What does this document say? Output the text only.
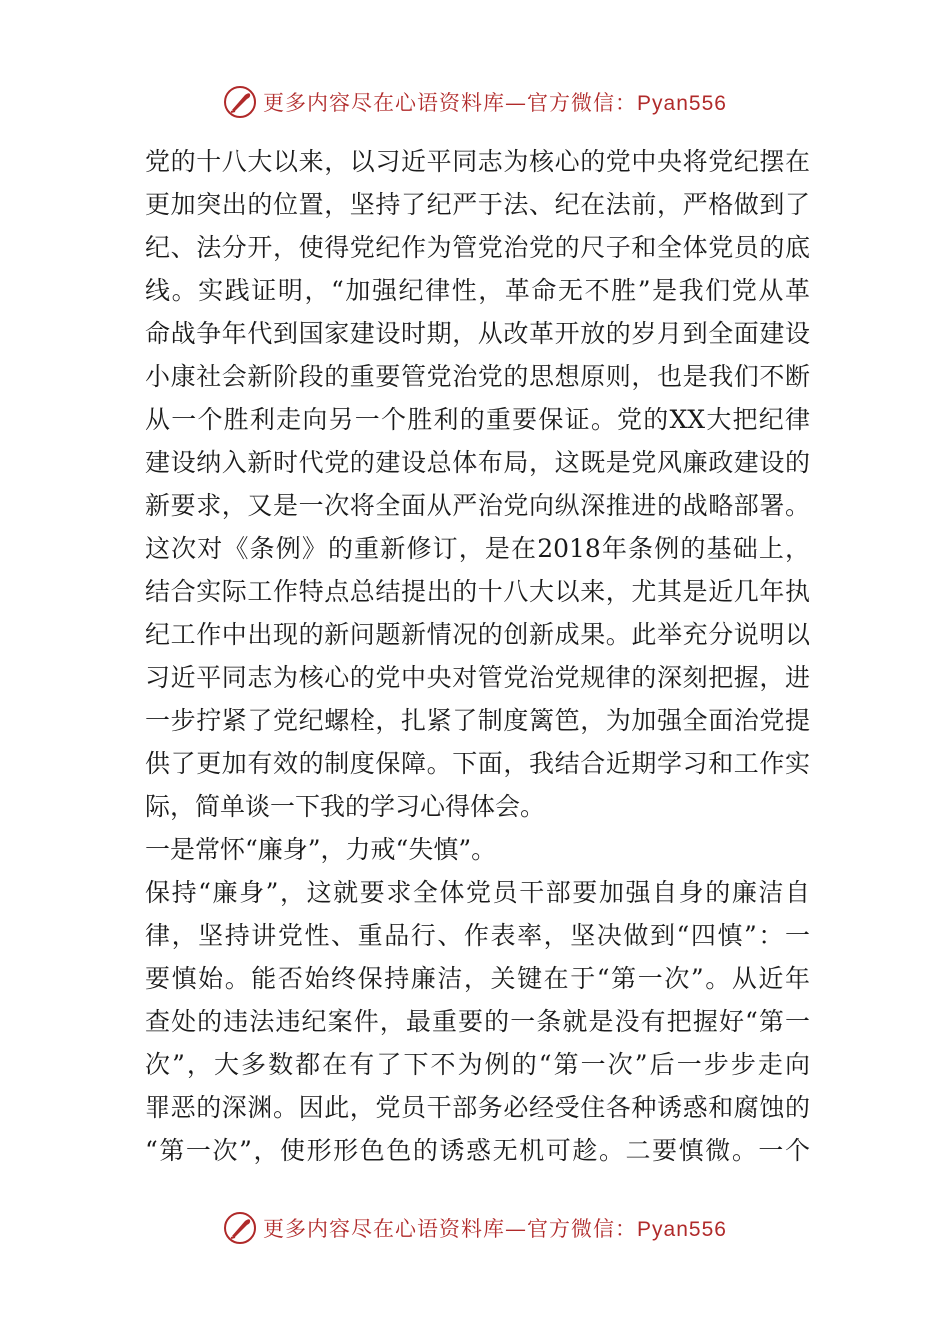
更多内容尽在心语资料库—官方微信：Pyan556
党的十八大以来，以习近平同志为核心的党中央将党纪摆在
更加突出的位置，坚持了纪严于法、纪在法前，严格做到了
纪、法分开，使得党纪作为管党治党的尺子和全体党员的底
线。实践证明，“加强纪律性，革命无不胜”是我们党从革
命战争年代到国家建设时期，从改革开放的岁月到全面建设
小康社会新阶段的重要管党治党的思想原则，也是我们不断
从一个胜利走向另一个胜利的重要保证。党的XX大把纪律
建设纳入新时代党的建设总体布局，这既是党风廉政建设的
新要求，又是一次将全面从严治党向纵深推进的战略部署。
这次对《条例》的重新修订，是在2018年条例的基础上，
结合实际工作特点总结提出的十八大以来，尤其是近几年执
纪工作中出现的新问题新情况的创新成果。此举充分说明以
习近平同志为核心的党中央对管党治党规律的深刻把握，进
一步拧紧了党纪螺栓，扎紧了制度篱笆，为加强全面治党提
供了更加有效的制度保障。下面，我结合近期学习和工作实
际，简单谈一下我的学习心得体会。
一是常怀“廉身”，力戒“失慎”。
保持“廉身”，这就要求全体党员干部要加强自身的廉洁自
律，坚持讲党性、重品行、作表率，坚决做到“四慎”：一
要慎始。能否始终保持廉洁，关键在于“第一次”。从近年
查处的违法违纪案件，最重要的一条就是没有把握好“第一
次”，大多数都在有了下不为例的“第一次”后一步步走向
罪恶的深渊。因此，党员干部务必经受住各种诱惑和腐蚀的
“第一次”，使形形色色的诱惑无机可趁。二要慎微。一个
更多内容尽在心语资料库—官方微信：Pyan556
